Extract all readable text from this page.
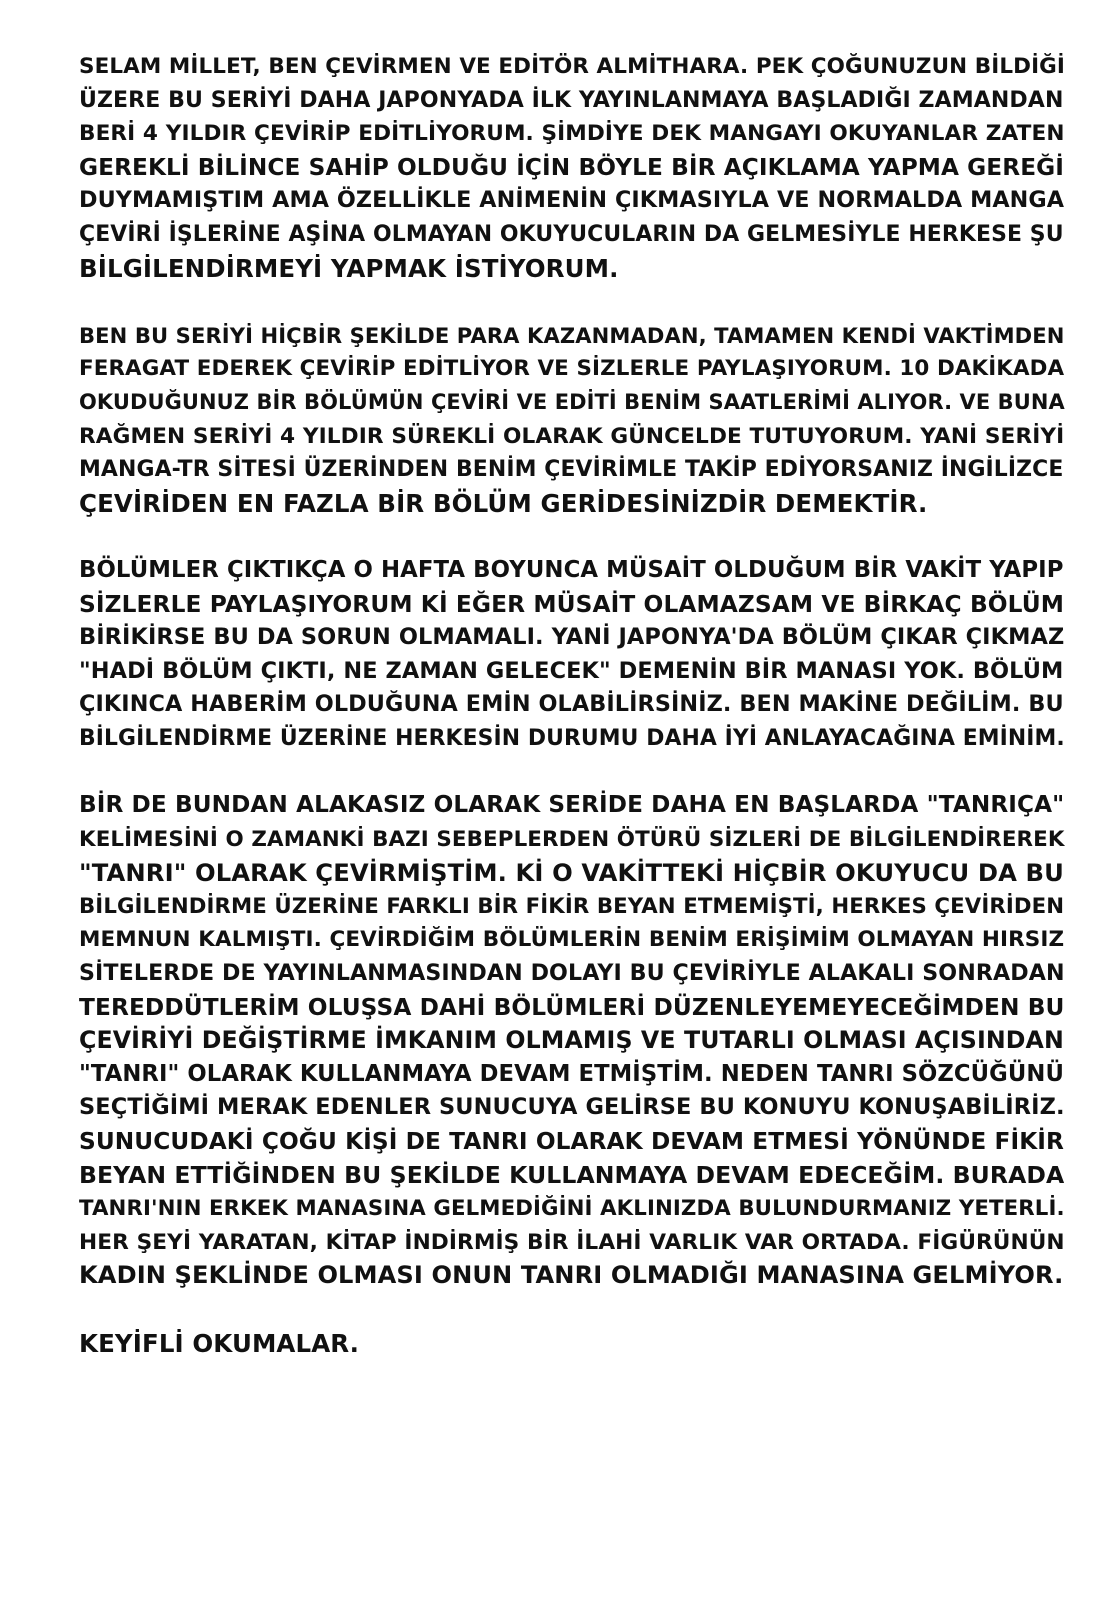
SELAM MİLLET, BEN ÇEVİRMEN VE EDİTÖR ALMİTHARA. PEK ÇOĞUNUZUN BİLDİĞİ
ÜZERE BU SERİYİ DAHA JAPONYADA İLK YAYINLANMAYA BAŞLADIĞI ZAMANDAN
BERİ 4 YILDIR ÇEVİRİP EDİTLİYORUM. ŞİMDİYE DEK MANGAYI OKUYANLAR ZATEN
GEREKLİ BİLİNCE SAHİP OLDUĞU İÇİN BÖYLE BİR AÇIKLAMA YAPMA GEREĞİ
DUYMAMIŞTIM AMA ÖZELLİKLE ANİMENİN ÇIKMASIYLA VE NORMALDA MANGA
ÇEVİRİ İŞLERİNE AŞİNA OLMAYAN OKUYUCULARIN DA GELMESİYLE HERKESE ŞU
BİLGİLENDİRMEYİ YAPMAK İSTİYORUM.
BEN BU SERİYİ HİÇBİR ŞEKİLDE PARA KAZANMADAN, TAMAMEN KENDİ VAKTİMDEN
FERAGAT EDEREK ÇEVİRİP EDİTLİYOR VE SİZLERLE PAYLAŞIYORUM. 10 DAKİKADA
OKUDUĞUNUZ BİR BÖLÜMÜN ÇEVİRİ VE EDİTİ BENİM SAATLERİMİ ALIYOR. VE BUNA
RAĞMEN SERİYİ 4 YILDIR SÜREKLİ OLARAK GÜNCELDE TUTUYORUM. YANİ SERİYİ
MANGA-TR SİTESİ ÜZERİNDEN BENİM ÇEVİRİMLE TAKİP EDİYORSANIZ İNGİLİZCE
ÇEVİRİDEN EN FAZLA BİR BÖLÜM GERİDESİNİZDİR DEMEKTİR.
BÖLÜMLER ÇIKTIKÇA O HAFTA BOYUNCA MÜSAİT OLDUĞUM BİR VAKİT YAPIP
SİZLERLE PAYLAŞIYORUM Kİ EĞER MÜSAİT OLAMAZSAM VE BİRKAÇ BÖLÜM
BİRİKİRSE BU DA SORUN OLMAMALI. YANİ JAPONYA'DA BÖLÜM ÇIKAR ÇIKMAZ
"HADİ BÖLÜM ÇIKTI, NE ZAMAN GELECEK" DEMENİN BİR MANASI YOK. BÖLÜM
ÇIKINCA HABERİM OLDUĞUNA EMİN OLABİLİRSİNİZ. BEN MAKİNE DEĞİLİM. BU
BİLGİLENDİRME ÜZERİNE HERKESİN DURUMU DAHA İYİ ANLAYACAĞINA EMİNİM.
BİR DE BUNDAN ALAKASIZ OLARAK SERİDE DAHA EN BAŞLARDA "TANRIÇA"
KELİMESİNİ O ZAMANKİ BAZI SEBEPLERDEN ÖTÜRÜ SİZLERİ DE BİLGİLENDİREREK
"TANRI" OLARAK ÇEVİRMİŞTİM. Kİ O VAKİTTEKİ HİÇBİR OKUYUCU DA BU
BİLGİLENDİRME ÜZERİNE FARKLI BİR FİKİR BEYAN ETMEMİŞTİ, HERKES ÇEVİRİDEN
MEMNUN KALMIŞTI. ÇEVİRDİĞİM BÖLÜMLERİN BENİM ERİŞİMİM OLMAYAN HIRSIZ
SİTELERDE DE YAYINLANMASINDAN DOLAYI BU ÇEVİRİYLE ALAKALI SONRADAN
TEREDDÜTLERİM OLUŞSA DAHİ BÖLÜMLERİ DÜZENLEYEMEYECEĞİMDEN BU
ÇEVİRİYİ DEĞİŞTİRME İMKANIM OLMAMIŞ VE TUTARLI OLMASI AÇISINDAN
"TANRI" OLARAK KULLANMAYA DEVAM ETMİŞTİM. NEDEN TANRI SÖZCÜĞÜNÜ
SEÇTİĞİMİ MERAK EDENLER SUNUCUYA GELİRSE BU KONUYU KONUŞABİLİRİZ.
SUNUCUDAKİ ÇOĞU KİŞİ DE TANRI OLARAK DEVAM ETMESİ YÖNÜNDE FİKİR
BEYAN ETTİĞİNDEN BU ŞEKİLDE KULLANMAYA DEVAM EDECEĞİM. BURADA
TANRI'NIN ERKEK MANASINA GELMEDİĞİNİ AKLINIZDA BULUNDURMANIZ YETERLİ.
HER ŞEYİ YARATAN, KİTAP İNDİRMİŞ BİR İLAHİ VARLIK VAR ORTADA. FİGÜRÜNÜN
KADIN ŞEKLİNDE OLMASI ONUN TANRI OLMADIĞI MANASINA GELMİYOR.
KEYİFLİ OKUMALAR.
